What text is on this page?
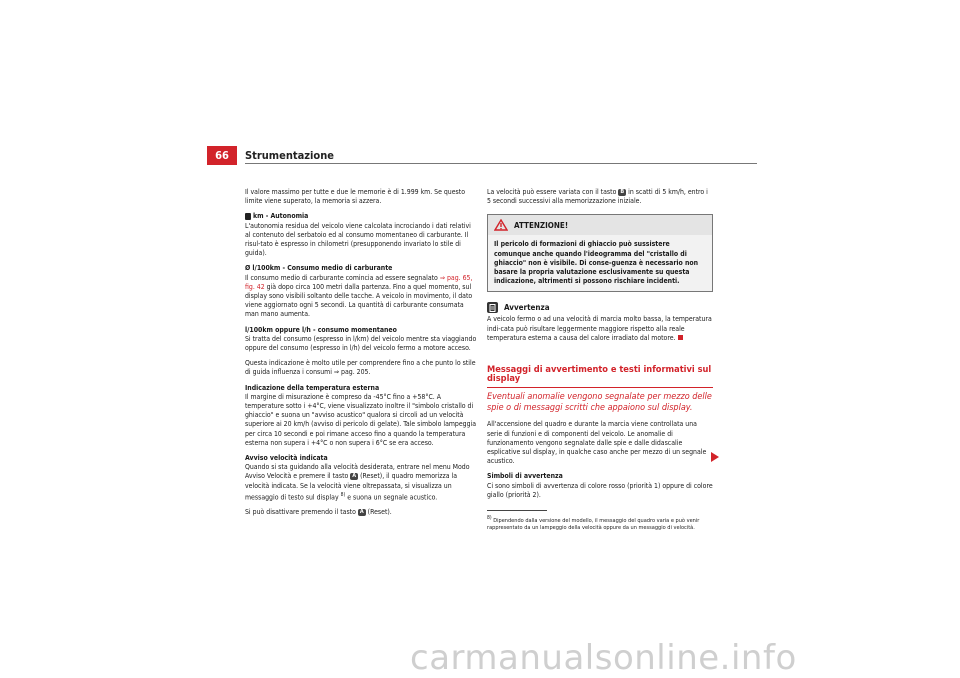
66	Strumentazione

Il valore massimo per tutte e due le memorie è di 1.999 km. Se questo limite viene superato, la memoria si azzera.

km - Autonomia

L'autonomia residua del veicolo viene calcolata incrociando i dati relativi al contenuto del serbatoio ed al consumo momentaneo di carburante. Il risul-tato è espresso in chilometri (presupponendo invariato lo stile di guida).

Ø l/100km - Consumo medio di carburante

Il consumo medio di carburante comincia ad essere segnalato ⇒ pag. 65, fig. 42 già dopo circa 100 metri dalla partenza. Fino a quel momento, sul display sono visibili soltanto delle tacche. A veicolo in movimento, il dato viene aggiornato ogni 5 secondi. La quantità di carburante consumata man mano aumenta.

l/100km oppure l/h - consumo momentaneo

Si tratta del consumo (espresso in l/km) del veicolo mentre sta viaggiando oppure del consumo (espresso in l/h) del veicolo fermo a motore acceso.

Questa indicazione è molto utile per comprendere fino a che punto lo stile di guida influenza i consumi ⇒ pag. 205.

Indicazione della temperatura esterna

Il margine di misurazione è compreso da -45°C fino a +58°C. A temperature sotto i +4°C, viene visualizzato inoltre il "simbolo cristallo di ghiaccio" e suona un "avviso acustico" qualora si circoli ad un velocità superiore ai 20 km/h (avviso di pericolo di gelate). Tale simbolo lampeggia per circa 10 secondi e poi rimane acceso fino a quando la temperatura esterna non supera i +4°C o non supera i 6°C se era acceso.

Avviso velocità indicata

Quando si sta guidando alla velocità desiderata, entrare nel menu Modo Avviso Velocità e premere il tasto A (Reset), il quadro memorizza la velocità indicata. Se la velocità viene oltrepassata, si visualizza un messaggio di testo sul display $^{8)}$ e suona un segnale acustico.

Si può disattivare premendo il tasto A (Reset).

La velocità può essere variata con il tasto B in scatti di 5 km/h, entro i 5 secondi successivi alla memorizzazione iniziale.

ATTENZIONE!
Il pericolo di formazioni di ghiaccio può sussistere comunque anche quando l'ideogramma del "cristallo di ghiaccio" non è visibile. Di conse-guenza è necessario non basare la propria valutazione esclusivamente su questa indicazione, altrimenti si possono rischiare incidenti.
Avvertenza

A veicolo fermo o ad una velocità di marcia molto bassa, la temperatura indi-cata può risultare leggermente maggiore rispetto alla reale temperatura esterna a causa del calore irradiato dal motore.

Messaggi di avvertimento e testi informativi sul display
Eventuali anomalie vengono segnalate per mezzo delle spie o di messaggi scritti che appaiono sul display.

All'accensione del quadro e durante la marcia viene controllata una serie di funzioni e di componenti del veicolo. Le anomalie di funzionamento vengono segnalate dalle spie e dalle didascalie esplicative sul display, in qualche caso anche per mezzo di un segnale acustico.

Simboli di avvertenza

Ci sono simboli di avvertenza di colore rosso (priorità 1) oppure di colore giallo (priorità 2).

$^{8)}$ Dipendendo dalla versione del modello, il messaggio del quadro varia e può venir rappresentato da un lampeggio della velocità oppure da un messaggio di velocità.
carmanualsonline.info
